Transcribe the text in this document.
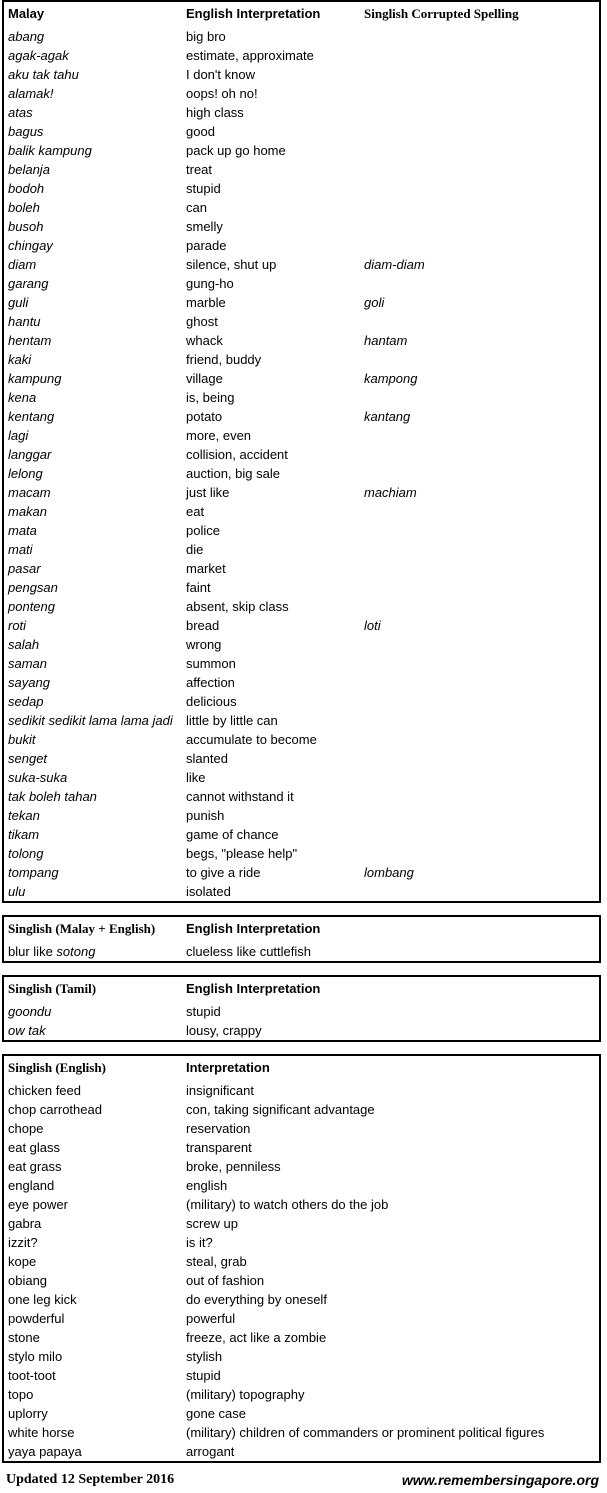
Malay	English Interpretation	Singlish Corrupted Spelling
abang	big bro	
agak-agak	estimate, approximate	
aku tak tahu	I don't know	
alamak!	oops! oh no!	
atas	high class	
bagus	good	
balik kampung	pack up go home	
belanja	treat	
bodoh	stupid	
boleh	can	
busoh	smelly	
chingay	parade	
diam	silence, shut up	diam-diam
garang	gung-ho	
guli	marble	goli
hantu	ghost	
hentam	whack	hantam
kaki	friend, buddy	
kampung	village	kampong
kena	is, being	
kentang	potato	kantang
lagi	more, even	
langgar	collision, accident	
lelong	auction, big sale	
macam	just like	machiam
makan	eat	
mata	police	
mati	die	
pasar	market	
pengsan	faint	
ponteng	absent, skip class	
roti	bread	loti
salah	wrong	
saman	summon	
sayang	affection	
sedap	delicious	
sedikit sedikit lama lama jadi	little by little can	
bukit	accumulate to become	
senget	slanted	
suka-suka	like	
tak boleh tahan	cannot withstand it	
tekan	punish	
tikam	game of chance	
tolong	begs, "please help"	
tompang	to give a ride	lombang
ulu	isolated	
Singlish (Malay + English)	English Interpretation
blur like sotong	clueless like cuttlefish
Singlish (Tamil)	English Interpretation
goondu	stupid
ow tak	lousy, crappy
Singlish (English)	Interpretation
chicken feed	insignificant
chop carrothead	con, taking significant advantage
chope	reservation
eat glass	transparent
eat grass	broke, penniless
england	english
eye power	(military) to watch others do the job
gabra	screw up
izzit?	is it?
kope	steal, grab
obiang	out of fashion
one leg kick	do everything by oneself
powderful	powerful
stone	freeze, act like a zombie
stylo milo	stylish
toot-toot	stupid
topo	(military) topography
uplorry	gone case
white horse	(military) children of commanders or prominent political figures
yaya papaya	arrogant
Updated 12 September 2016	www.remembersingapore.org
